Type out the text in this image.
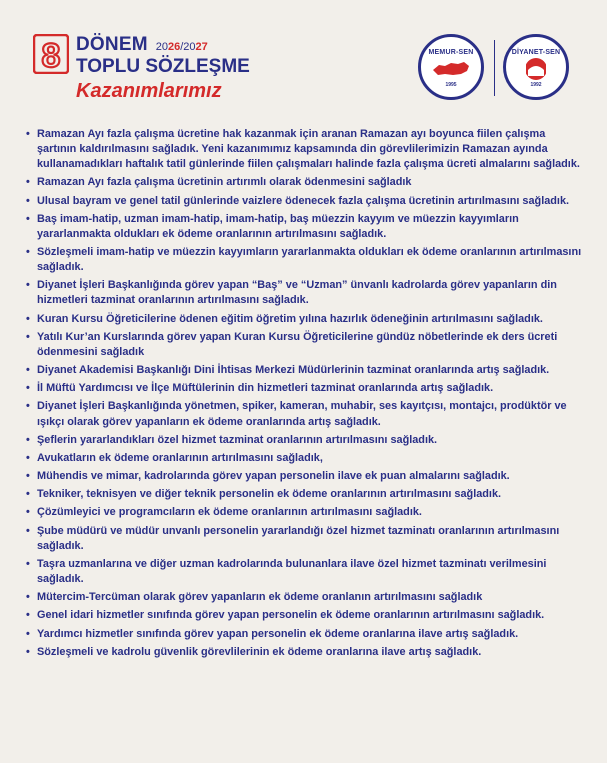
8 DÖNEM 2026/2027
TOPLU SÖZLEŞME
Kazanımlarımız
MEMUR-SEN
1995
DİYANET-SEN
1992
• Ramazan Ayı fazla çalışma ücretine hak kazanmak için aranan Ramazan ayı boyunca fiilen çalışma şartının kaldırılmasını sağladık. Yeni kazanımımız kapsamında din görevlilerimizin Ramazan ayında kullanamadıkları haftalık tatil günlerinde fiilen çalışmaları halinde fazla çalışma ücreti almalarını sağladık.
• Ramazan Ayı fazla çalışma ücretinin artırımlı olarak ödenmesini sağladık
• Ulusal bayram ve genel tatil günlerinde vaizlere ödenecek fazla çalışma ücretinin artırılmasını sağladık.
• Baş imam-hatip, uzman imam-hatip, imam-hatip, baş müezzin kayyım ve müezzin kayyımların yararlanmakta oldukları ek ödeme oranlarının artırılmasını sağladık.
• Sözleşmeli imam-hatip ve müezzin kayyımların yararlanmakta oldukları ek ödeme oranlarının artırılmasını sağladık.
• Diyanet İşleri Başkanlığında görev yapan “Baş” ve “Uzman” ünvanlı kadrolarda görev yapanların din hizmetleri tazminat oranlarının artırılmasını sağladık.
• Kuran Kursu Öğreticilerine ödenen eğitim öğretim yılına hazırlık ödeneğinin artırılmasını sağladık.
• Yatılı Kur’an Kurslarında görev yapan Kuran Kursu Öğreticilerine gündüz nöbetlerinde ek ders ücreti ödenmesini sağladık
• Diyanet Akademisi Başkanlığı Dini İhtisas Merkezi Müdürlerinin tazminat oranlarında artış sağladık.
• İl Müftü Yardımcısı ve İlçe Müftülerinin din hizmetleri tazminat oranlarında artış sağladık.
• Diyanet İşleri Başkanlığında yönetmen, spiker, kameran, muhabir, ses kayıtçısı, montajcı, prodüktör ve ışıkçı olarak görev yapanların ek ödeme oranlarında artış sağladık.
• Şeflerin yararlandıkları özel hizmet tazminat oranlarının artırılmasını sağladık.
• Avukatların ek ödeme oranlarının artırılmasını sağladık,
• Mühendis ve mimar, kadrolarında görev yapan personelin ilave ek puan almalarını sağladık.
• Tekniker, teknisyen ve diğer teknik personelin ek ödeme oranlarının artırılmasını sağladık.
• Çözümleyici ve programcıların ek ödeme oranlarının artırılmasını sağladık.
• Şube müdürü ve müdür unvanlı personelin yararlandığı özel hizmet tazminatı oranlarının artırılmasını sağladık.
• Taşra uzmanlarına ve diğer uzman kadrolarında bulunanlara ilave özel hizmet tazminatı verilmesini sağladık.
• Mütercim-Tercüman olarak görev yapanların ek ödeme oranlanın artırılmasını sağladık
• Genel idari hizmetler sınıfında görev yapan personelin ek ödeme oranlarının artırılmasını sağladık.
• Yardımcı hizmetler sınıfında görev yapan personelin ek ödeme oranlarına ilave artış sağladık.
• Sözleşmeli ve kadrolu güvenlik görevlilerinin ek ödeme oranlarına ilave artış sağladık.
